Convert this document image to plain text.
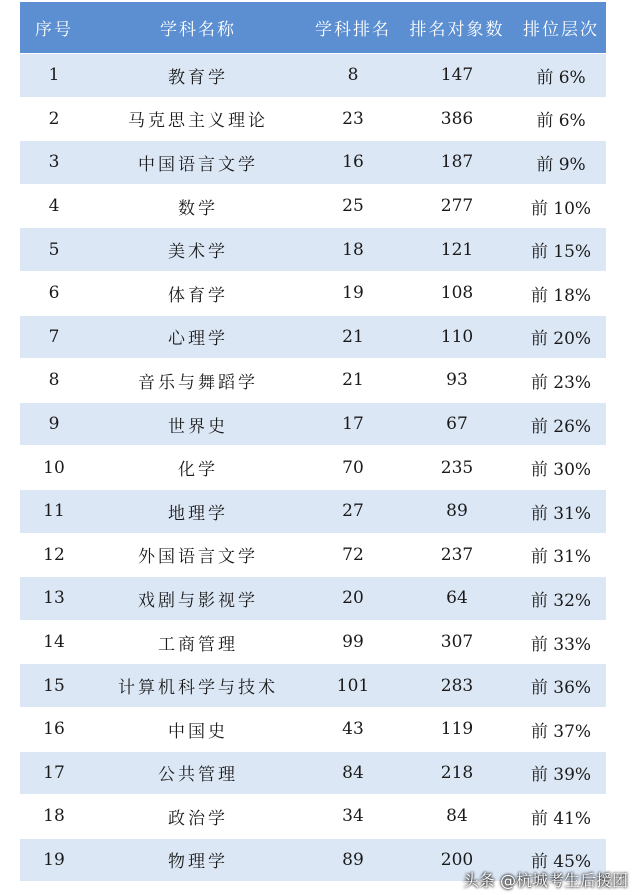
序号	学科名称	学科排名	排名对象数	排位层次
1	教育学	8	147	前 6%
2	马克思主义理论	23	386	前 6%
3	中国语言文学	16	187	前 9%
4	数学	25	277	前 10%
5	美术学	18	121	前 15%
6	体育学	19	108	前 18%
7	心理学	21	110	前 20%
8	音乐与舞蹈学	21	93	前 23%
9	世界史	17	67	前 26%
10	化学	70	235	前 30%
11	地理学	27	89	前 31%
12	外国语言文学	72	237	前 31%
13	戏剧与影视学	20	64	前 32%
14	工商管理	99	307	前 33%
15	计算机科学与技术	101	283	前 36%
16	中国史	43	119	前 37%
17	公共管理	84	218	前 39%
18	政治学	34	84	前 41%
19	物理学	89	200	前 45%
头条 @杭城考生后援团
